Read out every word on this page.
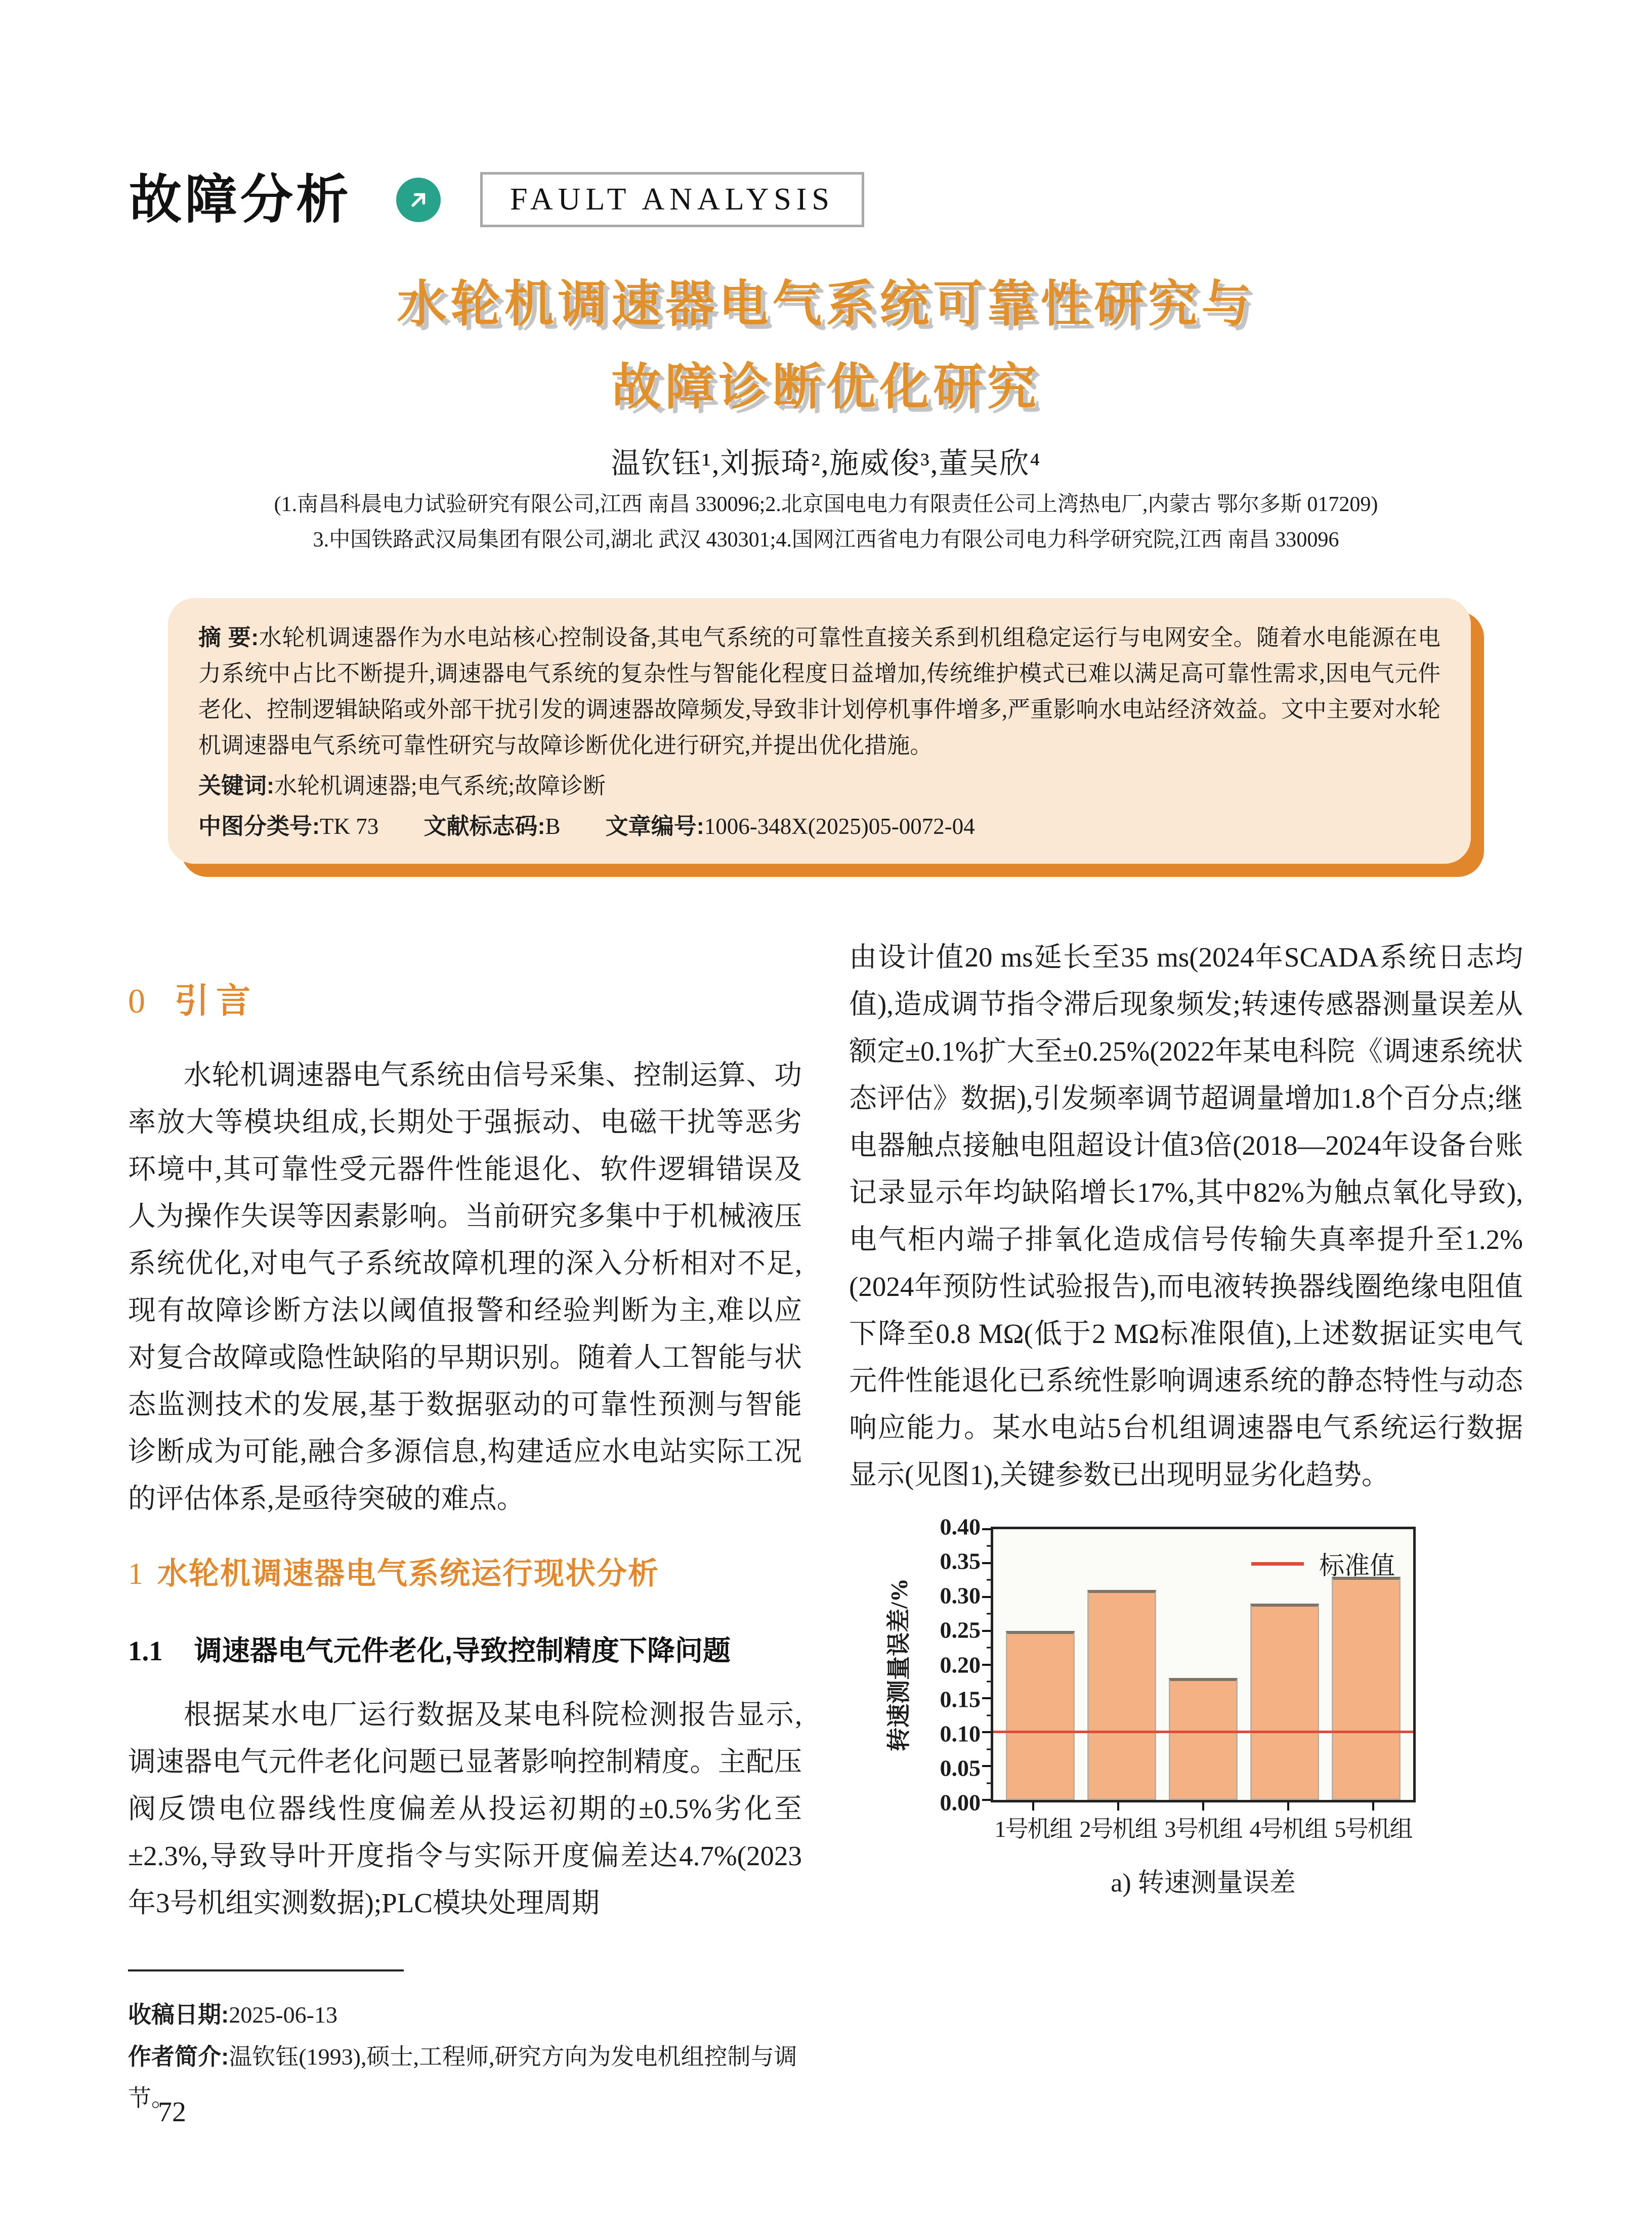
故障分析	FAULT ANALYSIS
水轮机调速器电气系统可靠性研究与
故障诊断优化研究
温钦钰¹,刘振琦²,施威俊³,董吴欣⁴
(1.南昌科晨电力试验研究有限公司,江西 南昌 330096;2.北京国电电力有限责任公司上湾热电厂,内蒙古 鄂尔多斯 017209)
3.中国铁路武汉局集团有限公司,湖北 武汉 430301;4.国网江西省电力有限公司电力科学研究院,江西 南昌 330096
摘 要:水轮机调速器作为水电站核心控制设备,其电气系统的可靠性直接关系到机组稳定运行与电网安全。随着水电能源在电力系统中占比不断提升,调速器电气系统的复杂性与智能化程度日益增加,传统维护模式已难以满足高可靠性需求,因电气元件老化、控制逻辑缺陷或外部干扰引发的调速器故障频发,导致非计划停机事件增多,严重影响水电站经济效益。文中主要对水轮机调速器电气系统可靠性研究与故障诊断优化进行研究,并提出优化措施。
关键词:水轮机调速器;电气系统;故障诊断
中图分类号:TK 73 文献标志码:B 文章编号:1006-348X(2025)05-0072-04
0 引言

水轮机调速器电气系统由信号采集、控制运算、功率放大等模块组成,长期处于强振动、电磁干扰等恶劣环境中,其可靠性受元器件性能退化、软件逻辑错误及人为操作失误等因素影响。当前研究多集中于机械液压系统优化,对电气子系统故障机理的深入分析相对不足,现有故障诊断方法以阈值报警和经验判断为主,难以应对复合故障或隐性缺陷的早期识别。随着人工智能与状态监测技术的发展,基于数据驱动的可靠性预测与智能诊断成为可能,融合多源信息,构建适应水电站实际工况的评估体系,是亟待突破的难点。

1 水轮机调速器电气系统运行现状分析
1.1 调速器电气元件老化,导致控制精度下降问题

根据某水电厂运行数据及某电科院检测报告显示,调速器电气元件老化问题已显著影响控制精度。主配压阀反馈电位器线性度偏差从投运初期的±0.5%劣化至±2.3%,导致导叶开度指令与实际开度偏差达4.7%(2023年3号机组实测数据);PLC模块处理周期

由设计值20 ms延长至35 ms(2024年SCADA系统日志均值),造成调节指令滞后现象频发;转速传感器测量误差从额定±0.1%扩大至±0.25%(2022年某电科院《调速系统状态评估》数据),引发频率调节超调量增加1.8个百分点;继电器触点接触电阻超设计值3倍(2018—2024年设备台账记录显示年均缺陷增长17%,其中82%为触点氧化导致),电气柜内端子排氧化造成信号传输失真率提升至1.2%(2024年预防性试验报告),而电液转换器线圈绝缘电阻值下降至0.8 MΩ(低于2 MΩ标准限值),上述数据证实电气元件性能退化已系统性影响调速系统的静态特性与动态响应能力。某水电站5台机组调速器电气系统运行数据显示(见图1),关键参数已出现明显劣化趋势。

转速测量误差/%
0.00
0.05
0.10
0.15
0.20
0.25
0.30
0.35
0.40
标准值
1号机组 2号机组 3号机组 4号机组 5号机组
a) 转速测量误差
收稿日期:2025-06-13
作者简介:温钦钰(1993),硕士,工程师,研究方向为发电机组控制与调节。
72
